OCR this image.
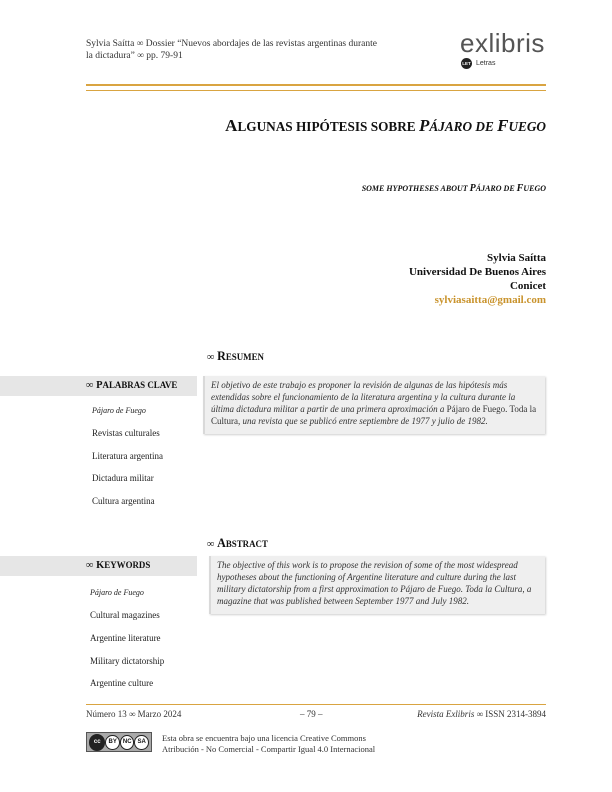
Sylvia Saítta ∞ Dossier “Nuevos abordajes de las revistas argentinas durante
la dictadura” ∞ pp. 79-91	exlibris
LET Letras
ALGUNAS HIPÓTESIS SOBRE PÁJARO DE FUEGO
SOME HYPOTHESES ABOUT PÁJARO DE FUEGO
Sylvia Saítta
Universidad De Buenos Aires
Conicet
sylviasaitta@gmail.com
∞ RESUMEN
∞ PALABRAS CLAVE
Pájaro de Fuego
Revistas culturales
Literatura argentina
Dictadura militar
Cultura argentina
El objetivo de este trabajo es proponer la revisión de algunas de las hipótesis más extendidas sobre el funcionamiento de la literatura argentina y la cultura durante la última dictadura militar a partir de una primera aproximación a Pájaro de Fuego. Toda la Cultura, una revista que se publicó entre septiembre de 1977 y julio de 1982.
∞ ABSTRACT
∞ KEYWORDS
Pájaro de Fuego
Cultural magazines
Argentine literature
Military dictatorship
Argentine culture
The objective of this work is to propose the revision of some of the most widespread hypotheses about the functioning of Argentine literature and culture during the last military dictatorship from a first approximation to Pájaro de Fuego. Toda la Cultura, a magazine that was published between September 1977 and July 1982.
Número 13 ∞ Marzo 2024	– 79 –	Revista Exlibris ∞ ISSN 2314-3894
cc	BY	NC	SA	Esta obra se encuentra bajo una licencia Creative Commons
Atribución - No Comercial - Compartir Igual 4.0 Internacional
